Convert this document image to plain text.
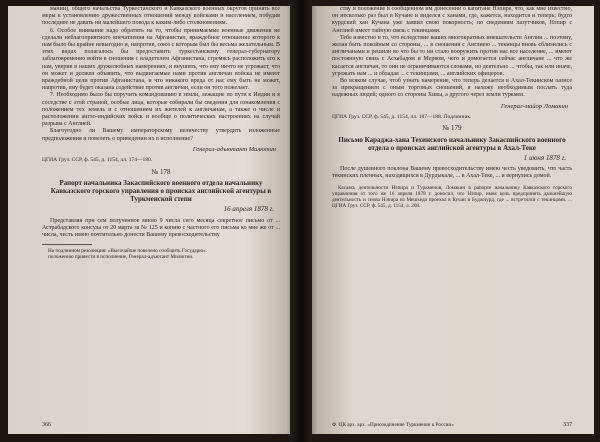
мании), общего начальства Туркестанского и Кавказского военных округов принять все меры к установлению дружественных отношений между войсками и населением, побудив последнее не давать ни малейшего повода к каким-либо столкновениям.

6. Особое внимание надо обратить на то, чтобы принимаемые военные движения не сделали неблагоприятного впечатления на Афганистан, враждебное отношение которого к нам было бы крайне невыгодно и, напротив, союз с которым был бы весьма желательным. В этих видах полагалось бы предоставить туркестанскому генерал-губернатору заблаговременно войти в сношения с владетелем Афганистана, стремясь расположить его к нам, уверив в наших дружелюбных намерениях, и внушить, что ему ничто не угрожает, что он может и должен объявить, что выдвигаемые нами против англичан войска не имеют враждебной цели против Афганистана, и что никакого вреда от нас ему быть не может, напротив, ему будет оказана содействие против англичан, если он того пожелает.

7. Необходимо было бы поручить командованию в земли, лежащие по пути к Индии и в соседстве с этой страной, особые лица, которые собирали бы сведения для ознакомления с положением тех земель и с отношением их жителей к англичанам, а также о числе и расположении англо-индийских войск и вообще о политических настроениях на случай разрыва с Англией.

Благоугодно ли Вашему императорскому величеству утвердить изложенные предположения и повелеть о приведении их в исполнение?

Генерал-адъютант Милютин
ЦГИА Груз. ССР, ф. 545, д. 1154, лл. 174—180.
№ 178
Рапорт начальника Закаспийского военного отдела начальнику Кавказского горского управления о происках английской агентуры в Туркменской степи
16 апреля 1878 г.

Представляя при сем полученное мною 9 числа сего месяца секретное письмо от ... Астрабадского консула от 20 марта за № 125 и копию с частного его письма ко мне же от ... числа, честь имею почтительно донести Вашему превосходительству

На подлинном резолюция: «Высочайше повелено сообщить Государю».

положению привести в исполнение, Генерал-адъютант Милютин.

366

ству и положение в сообщенном им донесении о капитане Нэпире, что, как мне известно, он несколько раз был в Кучане и виделся с ханами, где, кажется, находится и теперь; будто курдский хан Кучана уже заявил свою покорность; по сведениям лазутчиков, Нэпир с Англией имеет тайную связь с текинцами.

Тебе известно и то, что вследствие ваших многократных вмешательств Англии ... поэтому, желая быть покойным со стороны, ... в сношения с Англиею ... текинцы вновь сблизились с англичанами и решили во что бы то ни стало вооружить против нас все население, ... имеют постоянную связь с Асхабадом и Мервом, чего и домогается сейчас англичане ... что же касается англичан, то они не ограничиваются словами, но деятельно ... чтобы, так или иначе, угрожать нам ... и обладая ... с текинцами, ... английских офицеров.

Во всяком случае, чтоб узнать намерение, что теперь делается в Ахал-Текинском оазисе за прекращением с оным торговых сношений, я нахожу необходимым послать туда надежных людей; одного со стороны Хивы, а другого через земли туркмен.

Генерал-майор Ломакин
ЦГИА Груз. ССР, ф. 545, д. 1154, лл. 187—188. Подлинник.
№ 179
Письмо Караджа-хана Техинского начальнику Закаспийского военного отдела о происках английской агентуры в Ахал-Теке
1 июня 1878 г.

После душевного поклона Вашему превосходительству имею честь уведомить, что часть текинских пленных, находящихся в Дурдыкале, ... в Ахал-Теке, ... и вернулись домой.

Касаясь деятельности Нэпира и Туркменов, Ломакин в рапорте начальнику Кавказского горского управления от того же 16 апреля 1878 г. доносил, что Нэпир, имея цель предпринять дальнейшую деятельность и снова Нэпира из Мешхеда проехал в Кучан и Буджнурд, где ... встретился с текинцами. ... ЦГИА Груз. ССР, ф. 545, д. 1154, л. 208.

Ф. ЦК арх. арх. «Присоединение Туркмении к России»	337
